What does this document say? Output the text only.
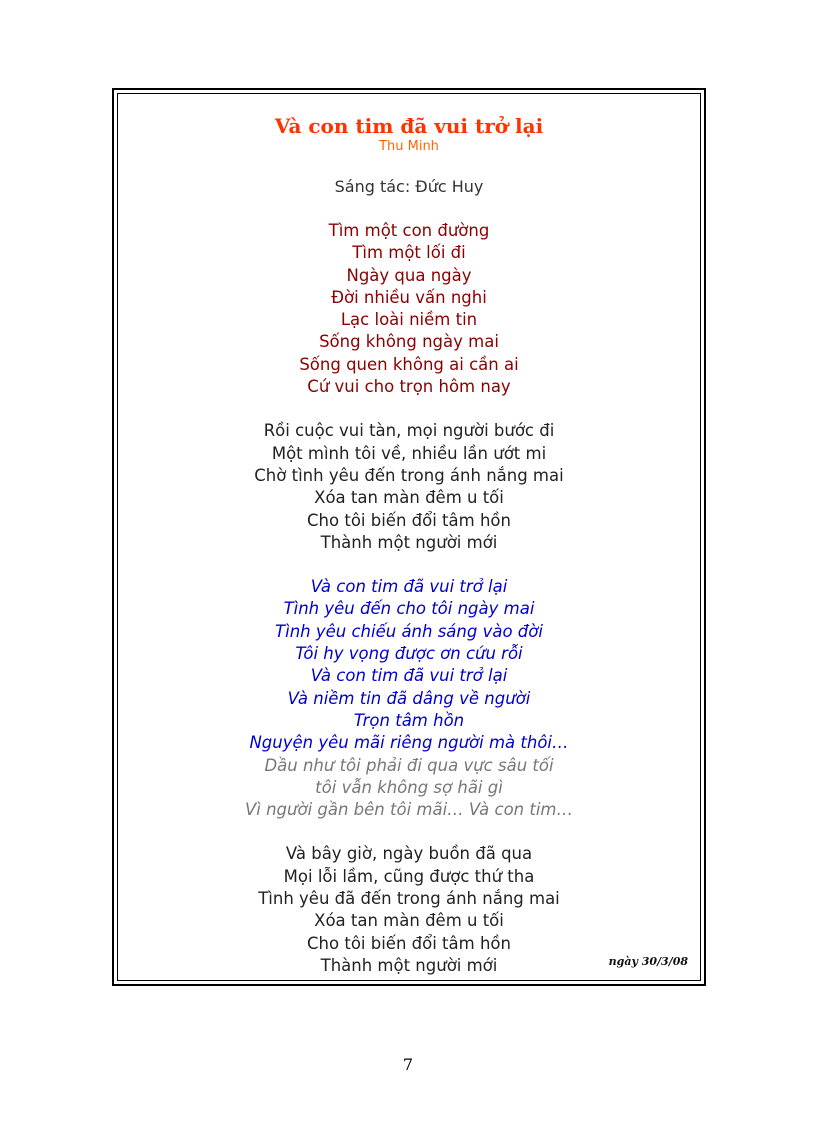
Và con tim đã vui trở lại
Thu Minh
Sáng tác: Đức Huy
Tìm một con đường
Tìm một lối đi
Ngày qua ngày
Đời nhiều vấn nghi
Lạc loài niềm tin
Sống không ngày mai
Sống quen không ai cần ai
Cứ vui cho trọn hôm nay
Rồi cuộc vui tàn, mọi người bước đi
Một mình tôi về, nhiều lần ướt mi
Chờ tình yêu đến trong ánh nắng mai
Xóa tan màn đêm u tối
Cho tôi biến đổi tâm hồn
Thành một người mới
Và con tim đã vui trở lại
Tình yêu đến cho tôi ngày mai
Tình yêu chiếu ánh sáng vào đời
Tôi hy vọng được ơn cứu rỗi
Và con tim đã vui trở lại
Và niềm tin đã dâng về người
Trọn tâm hồn
Nguyện yêu mãi riêng người mà thôi…
Dầu như tôi phải đi qua vực sâu tối
tôi vẫn không sợ hãi gì
Vì người gần bên tôi mãi… Và con tim…
Và bây giờ, ngày buồn đã qua
Mọi lỗi lầm, cũng được thứ tha
Tình yêu đã đến trong ánh nắng mai
Xóa tan màn đêm u tối
Cho tôi biến đổi tâm hồn
Thành một người mới	ngày 30/3/08
7
